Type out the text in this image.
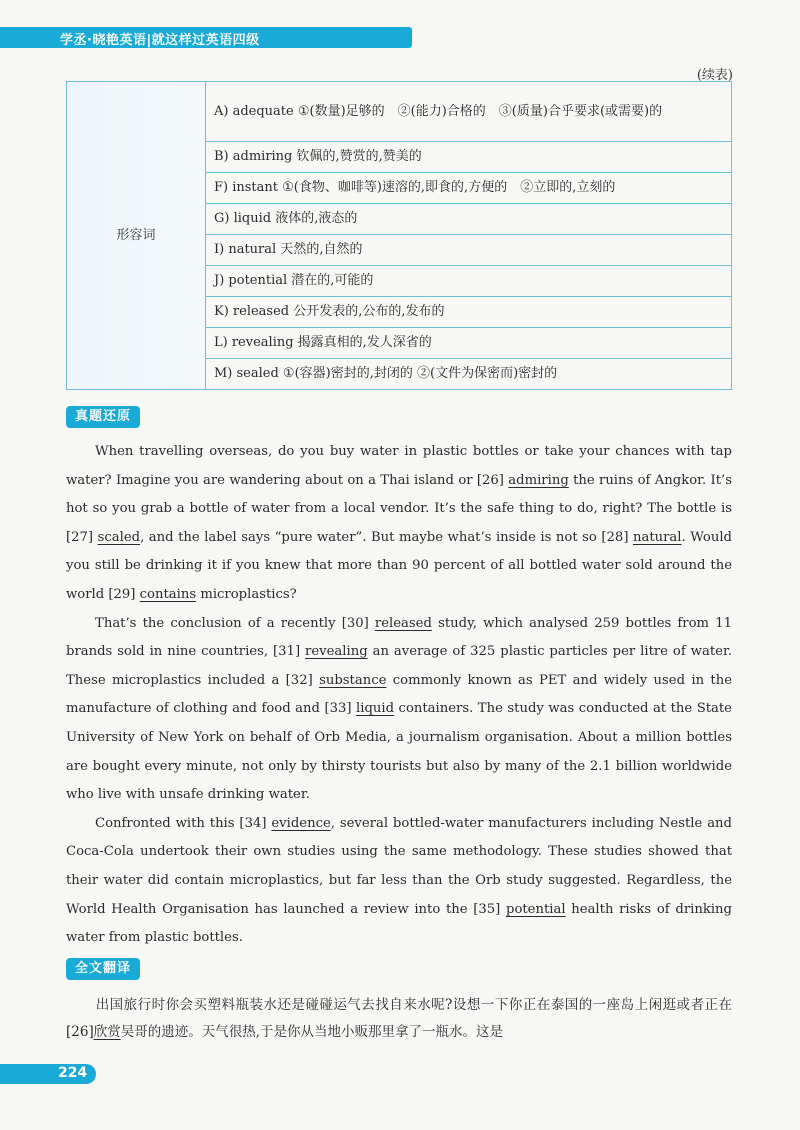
学丞·晓艳英语|就这样过英语四级
(续表)
形容词	A) adequate ①(数量)足够的　②(能力)合格的　③(质量)合乎要求(或需要)的
B) admiring 钦佩的,赞赏的,赞美的
F) instant ①(食物、咖啡等)速溶的,即食的,方便的　②立即的,立刻的
G) liquid 液体的,液态的
I) natural 天然的,自然的
J) potential 潜在的,可能的
K) released 公开发表的,公布的,发布的
L) revealing 揭露真相的,发人深省的
M) sealed ①(容器)密封的,封闭的 ②(文件为保密而)密封的
真题还原

When travelling overseas, do you buy water in plastic bottles or take your chances with tap water? Imagine you are wandering about on a Thai island or [26] admiring the ruins of Angkor. It’s hot so you grab a bottle of water from a local vendor. It’s the safe thing to do, right? The bottle is [27] scaled, and the label says “pure water”. But maybe what’s inside is not so [28] natural. Would you still be drinking it if you knew that more than 90 percent of all bottled water sold around the world [29] contains microplastics?

That’s the conclusion of a recently [30] released study, which analysed 259 bottles from 11 brands sold in nine countries, [31] revealing an average of 325 plastic particles per litre of water. These microplastics included a [32] substance commonly known as PET and widely used in the manufacture of clothing and food and [33] liquid containers. The study was conducted at the State University of New York on behalf of Orb Media, a journalism organisation. About a million bottles are bought every minute, not only by thirsty tourists but also by many of the 2.1 billion worldwide who live with unsafe drinking water.

Confronted with this [34] evidence, several bottled-water manufacturers including Nestle and Coca-Cola undertook their own studies using the same methodology. These studies showed that their water did contain microplastics, but far less than the Orb study suggested. Regardless, the World Health Organisation has launched a review into the [35] potential health risks of drinking water from plastic bottles.

全文翻译

出国旅行时你会买塑料瓶装水还是碰碰运气去找自来水呢?设想一下你正在泰国的一座岛上闲逛或者正在[26]欣赏吴哥的遗迹。天气很热,于是你从当地小贩那里拿了一瓶水。这是

224
